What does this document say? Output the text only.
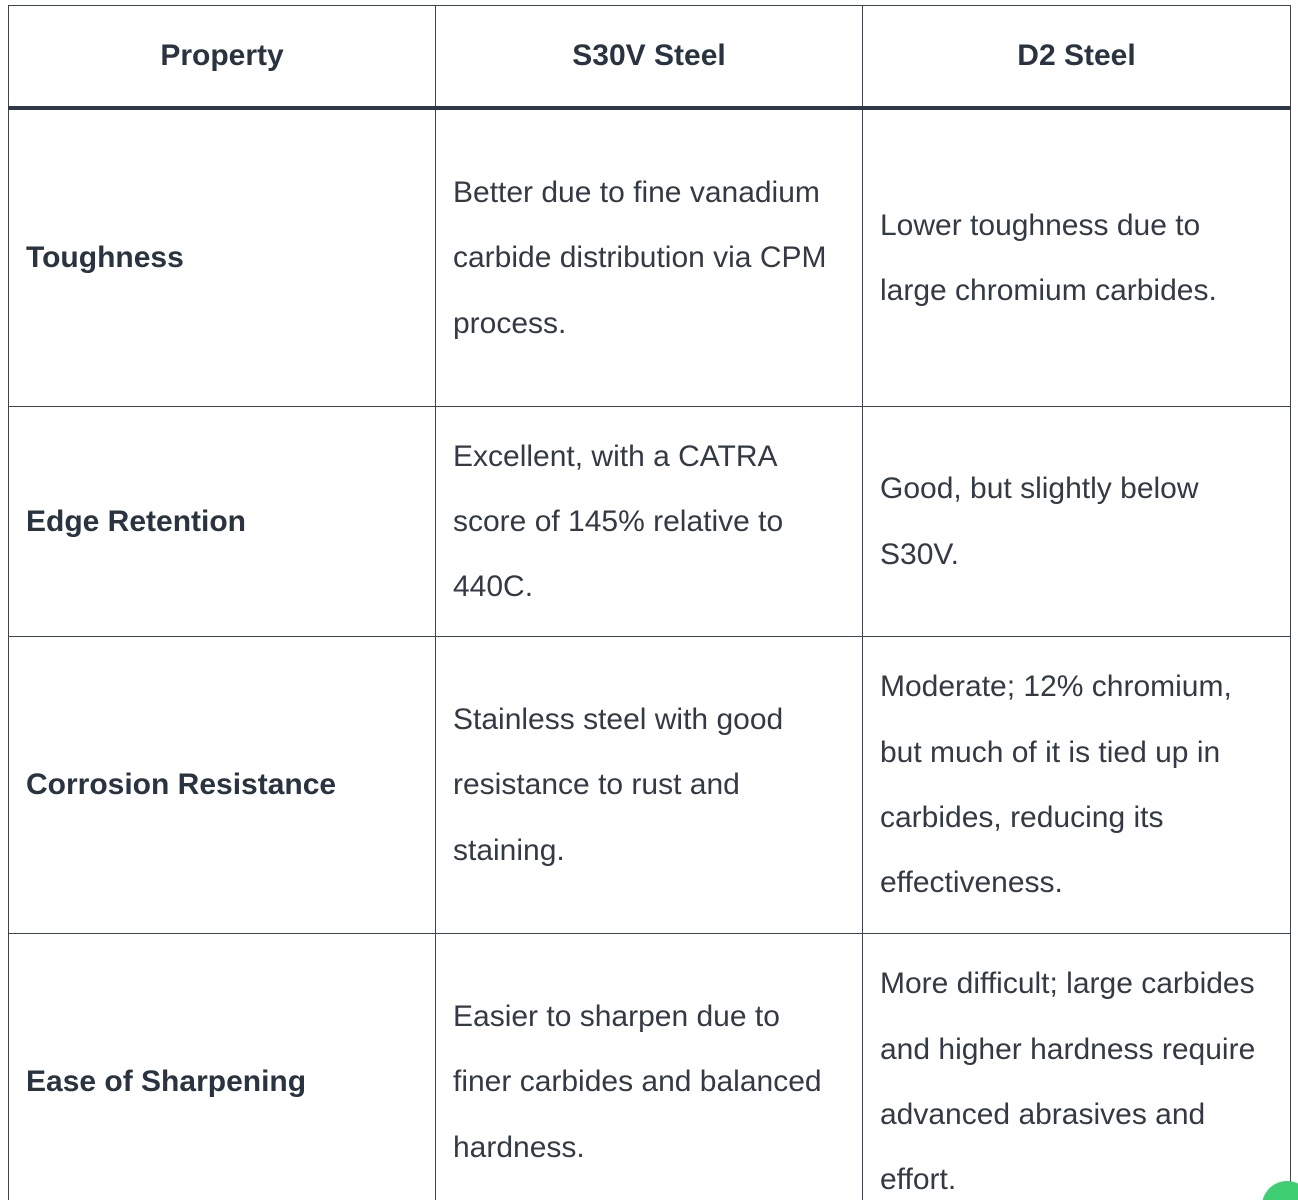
Property	S30V Steel	D2 Steel
Toughness	Better due to fine vanadium carbide distribution via CPM process.	Lower toughness due to large chromium carbides.
Edge Retention	Excellent, with a CATRA score of 145% relative to 440C.	Good, but slightly below S30V.
Corrosion Resistance	Stainless steel with good resistance to rust and staining.	Moderate; 12% chromium, but much of it is tied up in carbides, reducing its effectiveness.
Ease of Sharpening	Easier to sharpen due to finer carbides and balanced hardness.	More difficult; large carbides and higher hardness require advanced abrasives and effort.
